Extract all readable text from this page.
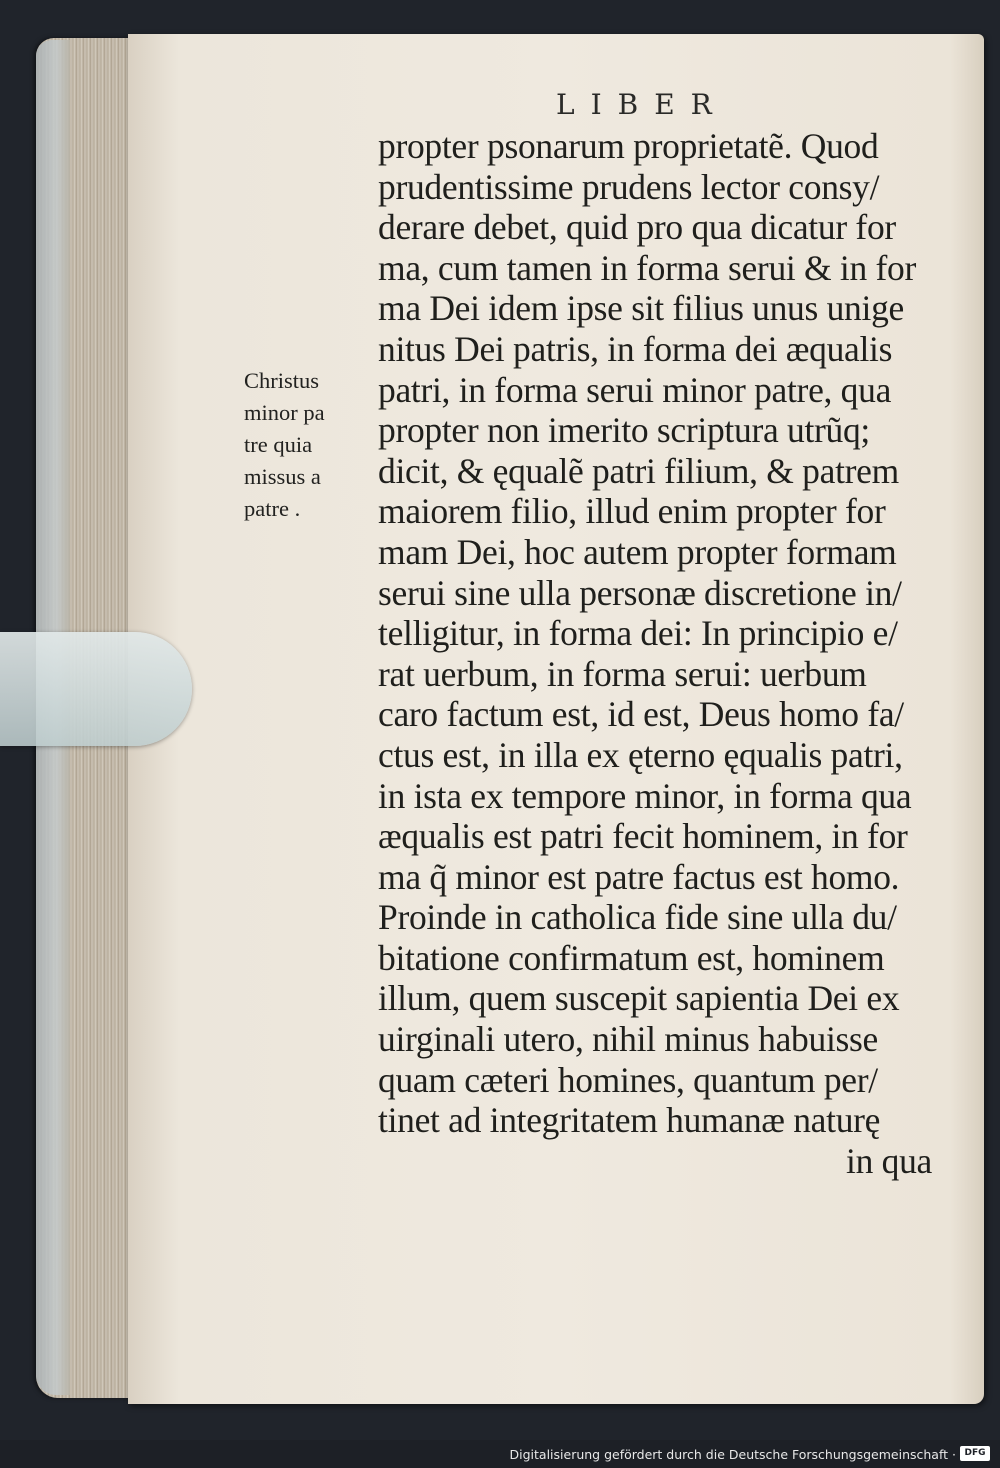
LIBER
Christus
minor pa
tre quia
missus a
patre .
propter psonarum proprietatẽ. Quod
prudentissime prudens lector consy/
derare debet, quid pro qua dicatur for
ma, cum tamen in forma serui & in for
ma Dei idem ipse sit filius unus unige
nitus Dei patris, in forma dei æqualis
patri, in forma serui minor patre, qua
propter non imerito scriptura utrũq;
dicit, & ęqualẽ patri filium, & patrem
maiorem filio, illud enim propter for
mam Dei, hoc autem propter formam
serui sine ulla personæ discretione in/
telligitur, in forma dei: In principio e/
rat uerbum, in forma serui: uerbum
caro factum est, id est, Deus homo fa/
ctus est, in illa ex ęterno ęqualis patri,
in ista ex tempore minor, in forma qua
æqualis est patri fecit hominem, in for
ma q̃ minor est patre factus est homo.
Proinde in catholica fide sine ulla du/
bitatione confirmatum est, hominem
illum, quem suscepit sapientia Dei ex
uirginali utero, nihil minus habuisse
quam cæteri homines, quantum per/
tinet ad integritatem humanæ naturę
in qua
Digitalisierung gefördert durch die Deutsche Forschungsgemeinschaft · DFG
